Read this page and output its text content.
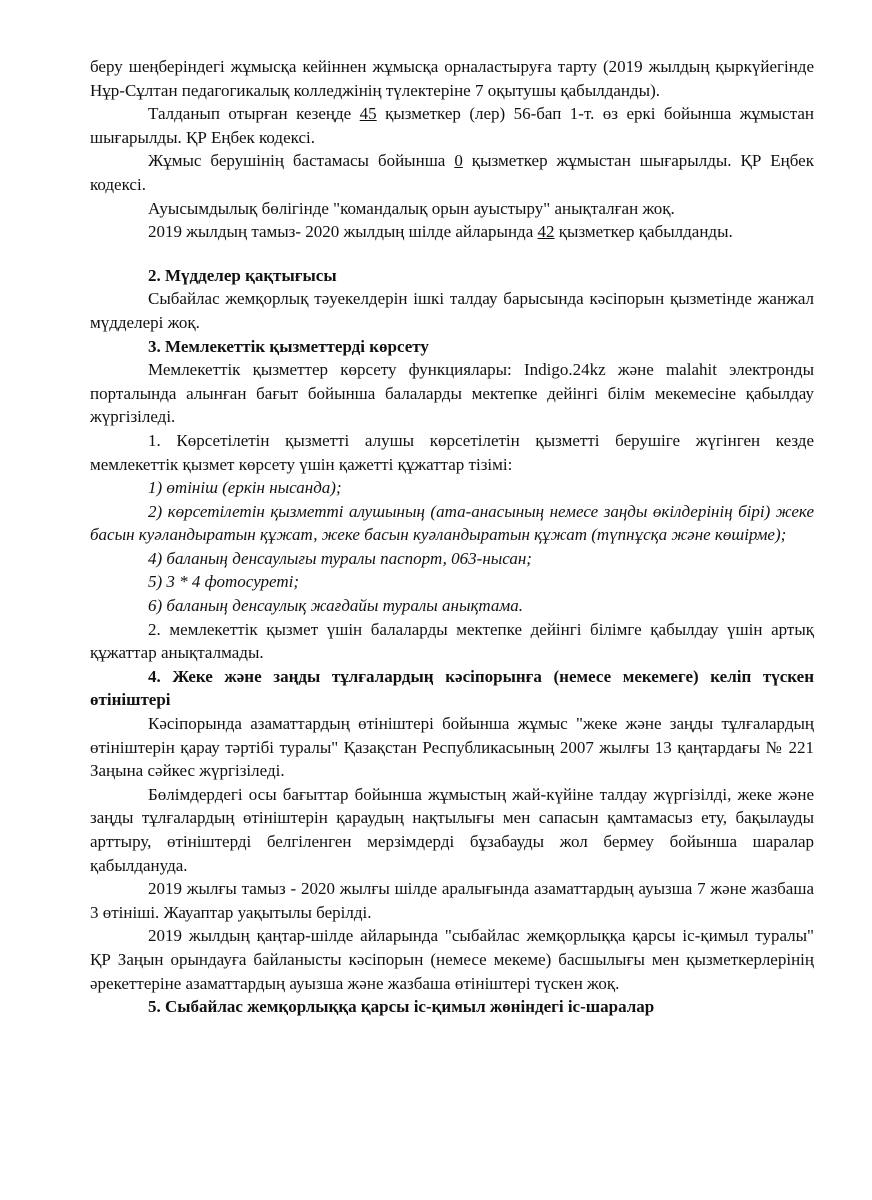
беру шеңберіндегі жұмысқа кейіннен жұмысқа орналастыруға тарту (2019 жылдың қыркүйегінде Нұр-Сұлтан педагогикалық колледжінің түлектеріне 7 оқытушы қабылданды).

Талданып отырған кезеңде 45 қызметкер (лер) 56-бап 1-т. өз еркі бойынша жұмыстан шығарылды. ҚР Еңбек кодексі.

Жұмыс берушінің бастамасы бойынша 0 қызметкер жұмыстан шығарылды. ҚР Еңбек кодексі.

Ауысымдылық бөлігінде "командалық орын ауыстыру" анықталған жоқ.

2019 жылдың тамыз- 2020 жылдың шілде айларында 42 қызметкер қабылданды.

2. Мүдделер қақтығысы

Сыбайлас жемқорлық тәуекелдерін ішкі талдау барысында кәсіпорын қызметінде жанжал мүдделері жоқ.

3. Мемлекеттік қызметтерді көрсету

Мемлекеттік қызметтер көрсету функциялары: Indigo.24kz және malahit электронды порталында алынған бағыт бойынша балаларды мектепке дейінгі білім мекемесіне қабылдау жүргізіледі.

1. Көрсетілетін қызметті алушы көрсетілетін қызметті берушіге жүгінген кезде мемлекеттік қызмет көрсету үшін қажетті құжаттар тізімі:

1) өтініш (еркін нысанда);

2) көрсетілетін қызметті алушының (ата-анасының немесе заңды өкілдерінің бірі) жеке басын куәландыратын құжат, жеке басын куәландыратын құжат (түпнұсқа және көшірме);

4) баланың денсаулығы туралы паспорт, 063-нысан;

5) 3 * 4 фотосуреті;

6) баланың денсаулық жағдайы туралы анықтама.

2. мемлекеттік қызмет үшін балаларды мектепке дейінгі білімге қабылдау үшін артық құжаттар анықталмады.

4. Жеке және заңды тұлғалардың кәсіпорынға (немесе мекемеге) келіп түскен өтініштері

Кәсіпорында азаматтардың өтініштері бойынша жұмыс "жеке және заңды тұлғалардың өтініштерін қарау тәртібі туралы" Қазақстан Республикасының 2007 жылғы 13 қаңтардағы № 221 Заңына сәйкес жүргізіледі.

Бөлімдердегі осы бағыттар бойынша жұмыстың жай-күйіне талдау жүргізілді, жеке және заңды тұлғалардың өтініштерін қараудың нақтылығы мен сапасын қамтамасыз ету, бақылауды арттыру, өтініштерді белгіленген мерзімдерді бұзабауды жол бермеу бойынша шаралар қабылдануда.

2019 жылғы тамыз - 2020 жылғы шілде аралығында азаматтардың ауызша 7 және жазбаша 3 өтініші. Жауаптар уақытылы берілді.

2019 жылдың қаңтар-шілде айларында "сыбайлас жемқорлыққа қарсы іс-қимыл туралы" ҚР Заңын орындауға байланысты кәсіпорын (немесе мекеме) басшылығы мен қызметкерлерінің әрекеттеріне азаматтардың ауызша және жазбаша өтініштері түскен жоқ.

5. Сыбайлас жемқорлыққа қарсы іс-қимыл жөніндегі іс-шаралар
